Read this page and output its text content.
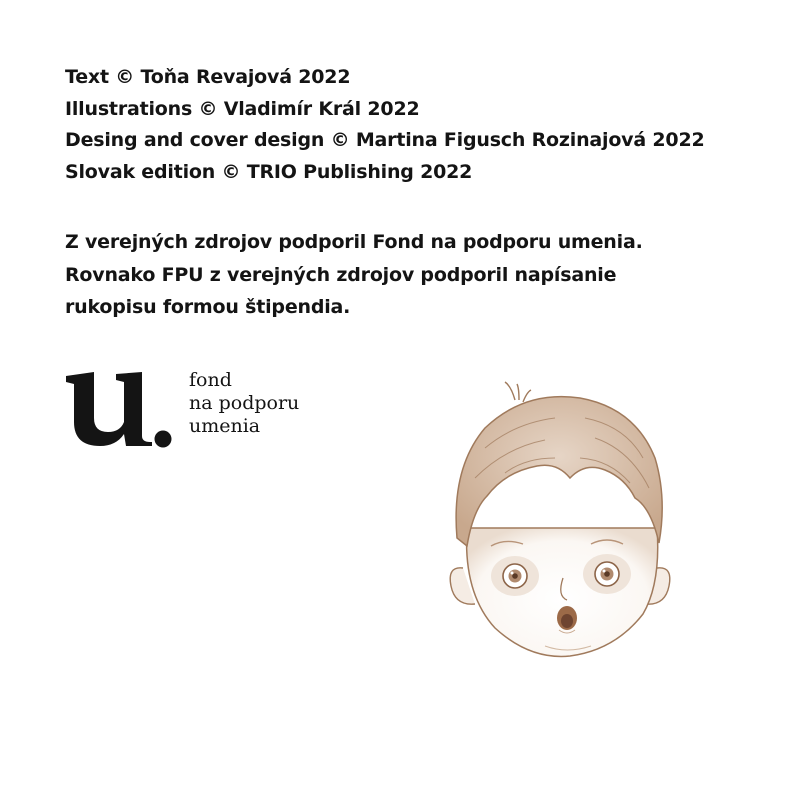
Text © Toňa Revajová 2022
Illustrations © Vladimír Král 2022
Desing and cover design © Martina Figusch Rozinajová 2022
Slovak edition © TRIO Publishing 2022
Z verejných zdrojov podporil Fond na podporu umenia.
Rovnako FPU z verejných zdrojov podporil napísanie
rukopisu formou štipendia.
fond
na podporu
umenia
